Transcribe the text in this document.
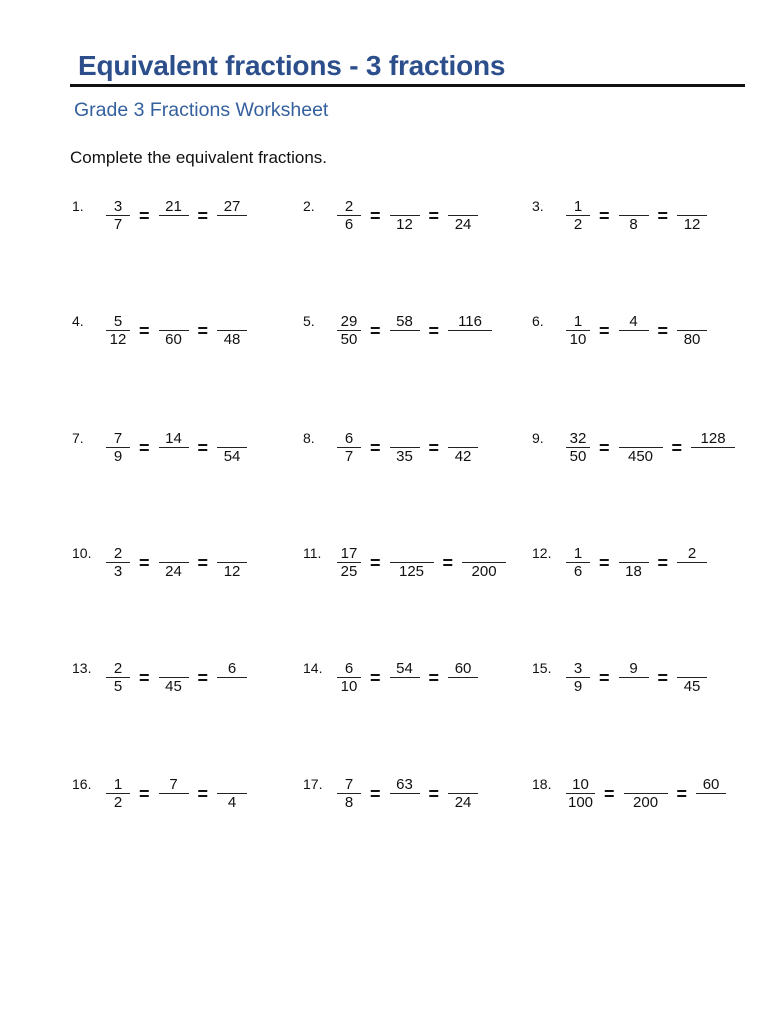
Equivalent fractions - 3 fractions
Grade 3 Fractions Worksheet
Complete the equivalent fractions.
1.	$\frac{3}{7} = 21 = 27$	2.	$\frac{2}{6} = 12 = 24$
3.	$\frac{1}{2} = 8 = 12$
4.	$\frac{5}{12} = 60 = 48$
5.	$\frac{29}{50} = 58 = 116$	6.	$\frac{1}{10} = 4 = 80$
7.	$\frac{7}{9} = 14 = 54$
8.	$\frac{6}{7} = 35 = 42$
9.	$\frac{32}{50} = 450 = 128$
10. $\frac{2}{3} = 24 = 12$
11.	$\frac{17}{25} = 125 = 200$
12. $\frac{1}{6} = 18 = 2$
13. $\frac{2}{5} = 45 = 6$	14. $\frac{6}{10} = 54 = 60$	15. $\frac{3}{9} = 9 = 45$
16. $\frac{1}{2} = 7 = 4$
17. $\frac{7}{8} = 63 = 24$
18. $\frac{10}{100} = 200 = 60$
